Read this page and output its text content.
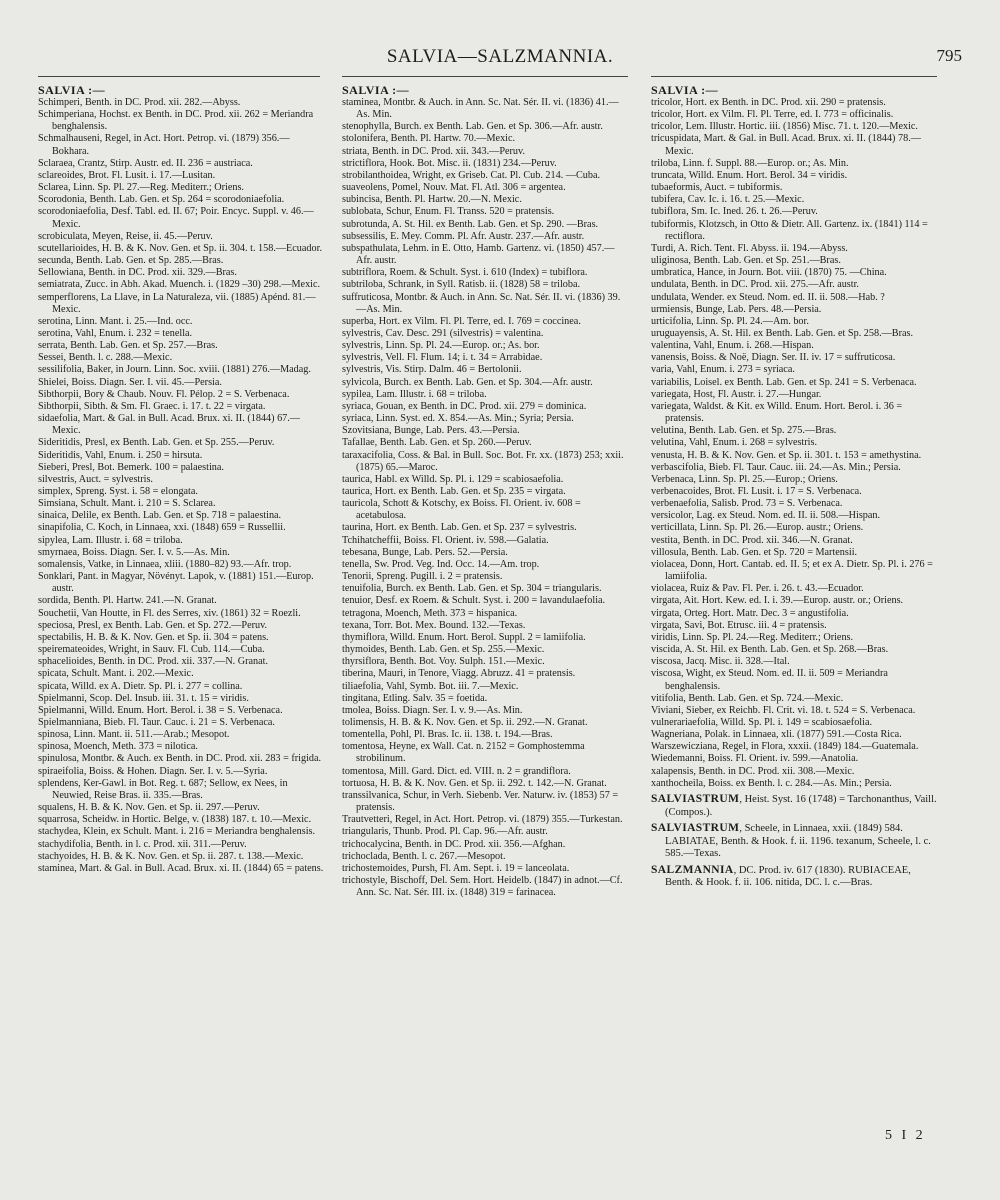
SALVIA—SALZMANNIA.	795
SALVIA :—

Schimperi, Benth. in DC. Prod. xii. 282.—Abyss.

Schimperiana, Hochst. ex Benth. in DC. Prod. xii. 262 = Meriandra benghalensis.

Schmalhauseni, Regel, in Act. Hort. Petrop. vi. (1879) 356.—Bokhara.

Sclaraea, Crantz, Stirp. Austr. ed. II. 236 = austriaca.

sclareoides, Brot. Fl. Lusit. i. 17.—Lusitan.

Sclarea, Linn. Sp. Pl. 27.—Reg. Mediterr.; Oriens.

Scorodonia, Benth. Lab. Gen. et Sp. 264 = scorodoniaefolia.

scorodoniaefolia, Desf. Tabl. ed. II. 67; Poir. Encyc. Suppl. v. 46.—Mexic.

scrobiculata, Meyen, Reise, ii. 45.—Peruv.

scutellarioides, H. B. & K. Nov. Gen. et Sp. ii. 304. t. 158.—Ecuador.

secunda, Benth. Lab. Gen. et Sp. 285.—Bras.

Sellowiana, Benth. in DC. Prod. xii. 329.—Bras.

semiatrata, Zucc. in Abh. Akad. Muench. i. (1829 –30) 298.—Mexic.

semperflorens, La Llave, in La Naturaleza, vii. (1885) Apénd. 81.—Mexic.

serotina, Linn. Mant. i. 25.—Ind. occ.

serotina, Vahl, Enum. i. 232 = tenella.

serrata, Benth. Lab. Gen. et Sp. 257.—Bras.

Sessei, Benth. l. c. 288.—Mexic.

sessilifolia, Baker, in Journ. Linn. Soc. xviii. (1881) 276.—Madag.

Shielei, Boiss. Diagn. Ser. I. vii. 45.—Persia.

Sibthorpii, Bory & Chaub. Nouv. Fl. Pélop. 2 = S. Verbenaca.

Sibthorpii, Sibth. & Sm. Fl. Graec. i. 17. t. 22 = virgata.

sidaefolia, Mart. & Gal. in Bull. Acad. Brux. xi. II. (1844) 67.—Mexic.

Sideritidis, Presl, ex Benth. Lab. Gen. et Sp. 255.—Peruv.

Sideritidis, Vahl, Enum. i. 250 = hirsuta.

Sieberi, Presl, Bot. Bemerk. 100 = palaestina.

silvestris, Auct. = sylvestris.

simplex, Spreng. Syst. i. 58 = elongata.

Simsiana, Schult. Mant. i. 210 = S. Sclarea.

sinaica, Delile, ex Benth. Lab. Gen. et Sp. 718 = palaestina.

sinapifolia, C. Koch, in Linnaea, xxi. (1848) 659 = Russellii.

sipylea, Lam. Illustr. i. 68 = triloba.

smyrnaea, Boiss. Diagn. Ser. I. v. 5.—As. Min.

somalensis, Vatke, in Linnaea, xliii. (1880–82) 93.—Afr. trop.

Sonklari, Pant. in Magyar, Növényt. Lapok, v. (1881) 151.—Europ. austr.

sordida, Benth. Pl. Hartw. 241.—N. Granat.

Souchetii, Van Houtte, in Fl. des Serres, xiv. (1861) 32 = Roezli.

speciosa, Presl, ex Benth. Lab. Gen. et Sp. 272.—Peruv.

spectabilis, H. B. & K. Nov. Gen. et Sp. ii. 304 = patens.

speiremateoides, Wright, in Sauv. Fl. Cub. 114.—Cuba.

sphacelioides, Benth. in DC. Prod. xii. 337.—N. Granat.

spicata, Schult. Mant. i. 202.—Mexic.

spicata, Willd. ex A. Dietr. Sp. Pl. i. 277 = collina.

Spielmanni, Scop. Del. Insub. iii. 31. t. 15 = viridis.

Spielmanni, Willd. Enum. Hort. Berol. i. 38 = S. Verbenaca.

Spielmanniana, Bieb. Fl. Taur. Cauc. i. 21 = S. Verbenaca.

spinosa, Linn. Mant. ii. 511.—Arab.; Mesopot.

spinosa, Moench, Meth. 373 = nilotica.

spinulosa, Montbr. & Auch. ex Benth. in DC. Prod. xii. 283 = frigida.

spiraeifolia, Boiss. & Hohen. Diagn. Ser. I. v. 5.—Syria.

splendens, Ker-Gawl. in Bot. Reg. t. 687; Sellow, ex Nees, in Neuwied, Reise Bras. ii. 335.—Bras.

squalens, H. B. & K. Nov. Gen. et Sp. ii. 297.—Peruv.

squarrosa, Scheidw. in Hortic. Belge, v. (1838) 187. t. 10.—Mexic.

stachydea, Klein, ex Schult. Mant. i. 216 = Meriandra benghalensis.

stachydifolia, Benth. in l. c. Prod. xii. 311.—Peruv.

stachyoides, H. B. & K. Nov. Gen. et Sp. ii. 287. t. 138.—Mexic.

staminea, Mart. & Gal. in Bull. Acad. Brux. xi. II. (1844) 65 = patens.

SALVIA :—

staminea, Montbr. & Auch. in Ann. Sc. Nat. Sér. II. vi. (1836) 41.—As. Min.

stenophylla, Burch. ex Benth. Lab. Gen. et Sp. 306.—Afr. austr.

stolonifera, Benth. Pl. Hartw. 70.—Mexic.

striata, Benth. in DC. Prod. xii. 343.—Peruv.

strictiflora, Hook. Bot. Misc. ii. (1831) 234.—Peruv.

strobilanthoidea, Wright, ex Griseb. Cat. Pl. Cub. 214. —Cuba.

suaveolens, Pomel, Nouv. Mat. Fl. Atl. 306 = argentea.

subincisa, Benth. Pl. Hartw. 20.—N. Mexic.

sublobata, Schur, Enum. Fl. Transs. 520 = pratensis.

subrotunda, A. St. Hil. ex Benth. Lab. Gen. et Sp. 290. —Bras.

subsessilis, E. Mey. Comm. Pl. Afr. Austr. 237.—Afr. austr.

subspathulata, Lehm. in E. Otto, Hamb. Gartenz. vi. (1850) 457.—Afr. austr.

subtriflora, Roem. & Schult. Syst. i. 610 (Index) = tubiflora.

subtriloba, Schrank, in Syll. Ratisb. ii. (1828) 58 = triloba.

suffruticosa, Montbr. & Auch. in Ann. Sc. Nat. Sér. II. vi. (1836) 39.—As. Min.

superba, Hort. ex Vilm. Fl. Pl. Terre, ed. I. 769 = coccinea.

sylvestris, Cav. Desc. 291 (silvestris) = valentina.

sylvestris, Linn. Sp. Pl. 24.—Europ. or.; As. bor.

sylvestris, Vell. Fl. Flum. 14; i. t. 34 = Arrabidae.

sylvestris, Vis. Stirp. Dalm. 46 = Bertolonii.

sylvicola, Burch. ex Benth. Lab. Gen. et Sp. 304.—Afr. austr.

sypilea, Lam. Illustr. i. 68 = triloba.

syriaca, Gouan, ex Benth. in DC. Prod. xii. 279 = dominica.

syriaca, Linn. Syst. ed. X. 854.—As. Min.; Syria; Persia.

Szovitsiana, Bunge, Lab. Pers. 43.—Persia.

Tafallae, Benth. Lab. Gen. et Sp. 260.—Peruv.

taraxacifolia, Coss. & Bal. in Bull. Soc. Bot. Fr. xx. (1873) 253; xxii. (1875) 65.—Maroc.

taurica, Habl. ex Willd. Sp. Pl. i. 129 = scabiosaefolia.

taurica, Hort. ex Benth. Lab. Gen. et Sp. 235 = virgata.

tauricola, Schott & Kotschy, ex Boiss. Fl. Orient. iv. 608 = acetabulosa.

taurina, Hort. ex Benth. Lab. Gen. et Sp. 237 = sylvestris.

Tchihatcheffii, Boiss. Fl. Orient. iv. 598.—Galatia.

tebesana, Bunge, Lab. Pers. 52.—Persia.

tenella, Sw. Prod. Veg. Ind. Occ. 14.—Am. trop.

Tenorii, Spreng. Pugill. i. 2 = pratensis.

tenuifolia, Burch. ex Benth. Lab. Gen. et Sp. 304 = triangularis.

tenuior, Desf. ex Roem. & Schult. Syst. i. 200 = lavandulaefolia.

tetragona, Moench, Meth. 373 = hispanica.

texana, Torr. Bot. Mex. Bound. 132.—Texas.

thymiflora, Willd. Enum. Hort. Berol. Suppl. 2 = lamiifolia.

thymoides, Benth. Lab. Gen. et Sp. 255.—Mexic.

thyrsiflora, Benth. Bot. Voy. Sulph. 151.—Mexic.

tiberina, Mauri, in Tenore, Viagg. Abruzz. 41 = pratensis.

tiliaefolia, Vahl, Symb. Bot. iii. 7.—Mexic.

tingitana, Etling. Salv. 35 = foetida.

tmolea, Boiss. Diagn. Ser. I. v. 9.—As. Min.

tolimensis, H. B. & K. Nov. Gen. et Sp. ii. 292.—N. Granat.

tomentella, Pohl, Pl. Bras. Ic. ii. 138. t. 194.—Bras.

tomentosa, Heyne, ex Wall. Cat. n. 2152 = Gomphostemma strobilinum.

tomentosa, Mill. Gard. Dict. ed. VIII. n. 2 = grandiflora.

tortuosa, H. B. & K. Nov. Gen. et Sp. ii. 292. t. 142.—N. Granat.

transsilvanica, Schur, in Verh. Siebenb. Ver. Naturw. iv. (1853) 57 = pratensis.

Trautvetteri, Regel, in Act. Hort. Petrop. vi. (1879) 355.—Turkestan.

triangularis, Thunb. Prod. Pl. Cap. 96.—Afr. austr.

trichocalycina, Benth. in DC. Prod. xii. 356.—Afghan.

trichoclada, Benth. l. c. 267.—Mesopot.

trichostemoides, Pursh, Fl. Am. Sept. i. 19 = lanceolata.

trichostyle, Bischoff, Del. Sem. Hort. Heidelb. (1847) in adnot.—Cf. Ann. Sc. Nat. Sér. III. ix. (1848) 319 = farinacea.

SALVIA :—

tricolor, Hort. ex Benth. in DC. Prod. xii. 290 = pratensis.

tricolor, Hort. ex Vilm. Fl. Pl. Terre, ed. I. 773 = officinalis.

tricolor, Lem. Illustr. Hortic. iii. (1856) Misc. 71. t. 120.—Mexic.

tricuspidata, Mart. & Gal. in Bull. Acad. Brux. xi. II. (1844) 78.—Mexic.

triloba, Linn. f. Suppl. 88.—Europ. or.; As. Min.

truncata, Willd. Enum. Hort. Berol. 34 = viridis.

tubaeformis, Auct. = tubiformis.

tubifera, Cav. Ic. i. 16. t. 25.—Mexic.

tubiflora, Sm. Ic. Ined. 26. t. 26.—Peruv.

tubiformis, Klotzsch, in Otto & Dietr. All. Gartenz. ix. (1841) 114 = rectiflora.

Turdi, A. Rich. Tent. Fl. Abyss. ii. 194.—Abyss.

uliginosa, Benth. Lab. Gen. et Sp. 251.—Bras.

umbratica, Hance, in Journ. Bot. viii. (1870) 75. —China.

undulata, Benth. in DC. Prod. xii. 275.—Afr. austr.

undulata, Wender. ex Steud. Nom. ed. II. ii. 508.—Hab. ?

urmiensis, Bunge, Lab. Pers. 48.—Persia.

urticifolia, Linn. Sp. Pl. 24.—Am. bor.

uruguayensis, A. St. Hil. ex Benth. Lab. Gen. et Sp. 258.—Bras.

valentina, Vahl, Enum. i. 268.—Hispan.

vanensis, Boiss. & Noë, Diagn. Ser. II. iv. 17 = suffruticosa.

varia, Vahl, Enum. i. 273 = syriaca.

variabilis, Loisel. ex Benth. Lab. Gen. et Sp. 241 = S. Verbenaca.

variegata, Host, Fl. Austr. i. 27.—Hungar.

variegata, Waldst. & Kit. ex Willd. Enum. Hort. Berol. i. 36 = pratensis.

velutina, Benth. Lab. Gen. et Sp. 275.—Bras.

velutina, Vahl, Enum. i. 268 = sylvestris.

venusta, H. B. & K. Nov. Gen. et Sp. ii. 301. t. 153 = amethystina.

verbascifolia, Bieb. Fl. Taur. Cauc. iii. 24.—As. Min.; Persia.

Verbenaca, Linn. Sp. Pl. 25.—Europ.; Oriens.

verbenacoides, Brot. Fl. Lusit. i. 17 = S. Verbenaca.

verbenaefolia, Salisb. Prod. 73 = S. Verbenaca.

versicolor, Lag. ex Steud. Nom. ed. II. ii. 508.—Hispan.

verticillata, Linn. Sp. Pl. 26.—Europ. austr.; Oriens.

vestita, Benth. in DC. Prod. xii. 346.—N. Granat.

villosula, Benth. Lab. Gen. et Sp. 720 = Martensii.

violacea, Donn, Hort. Cantab. ed. II. 5; et ex A. Dietr. Sp. Pl. i. 276 = lamiifolia.

violacea, Ruiz & Pav. Fl. Per. i. 26. t. 43.—Ecuador.

virgata, Ait. Hort. Kew. ed. I. i. 39.—Europ. austr. or.; Oriens.

virgata, Orteg. Hort. Matr. Dec. 3 = angustifolia.

virgata, Savi, Bot. Etrusc. iii. 4 = pratensis.

viridis, Linn. Sp. Pl. 24.—Reg. Mediterr.; Oriens.

viscida, A. St. Hil. ex Benth. Lab. Gen. et Sp. 268.—Bras.

viscosa, Jacq. Misc. ii. 328.—Ital.

viscosa, Wight, ex Steud. Nom. ed. II. ii. 509 = Meriandra benghalensis.

vitifolia, Benth. Lab. Gen. et Sp. 724.—Mexic.

Viviani, Sieber, ex Reichb. Fl. Crit. vi. 18. t. 524 = S. Verbenaca.

vulnerariaefolia, Willd. Sp. Pl. i. 149 = scabiosaefolia.

Wagneriana, Polak. in Linnaea, xli. (1877) 591.—Costa Rica.

Warszewicziana, Regel, in Flora, xxxii. (1849) 184.—Guatemala.

Wiedemanni, Boiss. Fl. Orient. iv. 599.—Anatolia.

xalapensis, Benth. in DC. Prod. xii. 308.—Mexic.

xanthocheila, Boiss. ex Benth. l. c. 284.—As. Min.; Persia.

SALVIASTRUM, Heist. Syst. 16 (1748) = Tarchonanthus, Vaill. (Compos.).

SALVIASTRUM, Scheele, in Linnaea, xxii. (1849) 584. LABIATAE, Benth. & Hook. f. ii. 1196. texanum, Scheele, l. c. 585.—Texas.

SALZMANNIA, DC. Prod. iv. 617 (1830). RUBIACEAE, Benth. & Hook. f. ii. 106. nitida, DC. l. c.—Bras.

5 I 2
